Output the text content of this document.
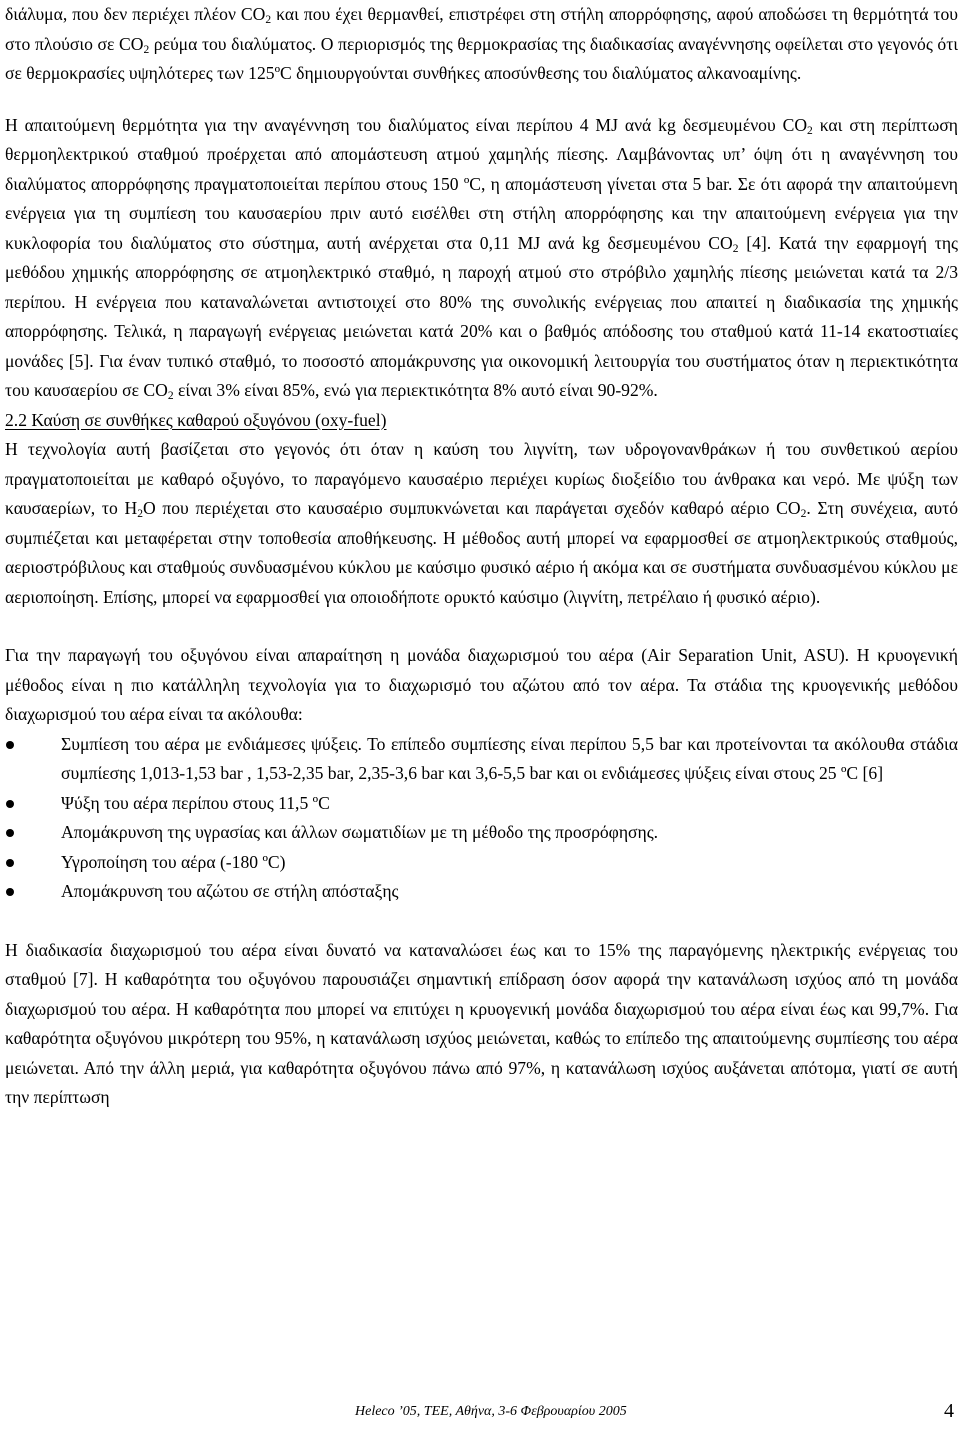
διάλυμα, που δεν περιέχει πλέον $CO_2$ και που έχει θερμανθεί, επιστρέφει στη στήλη απορρόφησης, αφού αποδώσει τη θερμότητά του στο πλούσιο σε $CO_2$ ρεύμα του διαλύματος. Ο περιορισμός της θερμοκρασίας της διαδικασίας αναγέννησης οφείλεται στο γεγονός ότι σε θερμοκρασίες υψηλότερες των 125ºC δημιουργούνται συνθήκες αποσύνθεσης του διαλύματος αλκανοαμίνης.

Η απαιτούμενη θερμότητα για την αναγέννηση του διαλύματος είναι περίπου 4 MJ ανά kg δεσμευμένου $CO_2$ και στη περίπτωση θερμοηλεκτρικού σταθμού προέρχεται από απομάστευση ατμού χαμηλής πίεσης. Λαμβάνοντας υπ’ όψη ότι η αναγέννηση του διαλύματος απορρόφησης πραγματοποιείται περίπου στους 150 ºC, η απομάστευση γίνεται στα 5 bar. Σε ότι αφορά την απαιτούμενη ενέργεια για τη συμπίεση του καυσαερίου πριν αυτό εισέλθει στη στήλη απορρόφησης και την απαιτούμενη ενέργεια για την κυκλοφορία του διαλύματος στο σύστημα, αυτή ανέρχεται στα 0,11 MJ ανά kg δεσμευμένου $CO_2$ [4]. Κατά την εφαρμογή της μεθόδου χημικής απορρόφησης σε ατμοηλεκτρικό σταθμό, η παροχή ατμού στο στρόβιλο χαμηλής πίεσης μειώνεται κατά τα 2/3 περίπου. Η ενέργεια που καταναλώνεται αντιστοιχεί στο 80% της συνολικής ενέργειας που απαιτεί η διαδικασία της χημικής απορρόφησης. Τελικά, η παραγωγή ενέργειας μειώνεται κατά 20% και ο βαθμός απόδοσης του σταθμού κατά 11-14 εκατοστιαίες μονάδες [5]. Για έναν τυπικό σταθμό, το ποσοστό απομάκρυνσης για οικονομική λειτουργία του συστήματος όταν η περιεκτικότητα του καυσαερίου σε $CO_2$ είναι 3% είναι 85%, ενώ για περιεκτικότητα 8% αυτό είναι 90-92%.

2.2 Καύση σε συνθήκες καθαρού οξυγόνου (oxy-fuel)

Η τεχνολογία αυτή βασίζεται στο γεγονός ότι όταν η καύση του λιγνίτη, των υδρογονανθράκων ή του συνθετικού αερίου πραγματοποιείται με καθαρό οξυγόνο, το παραγόμενο καυσαέριο περιέχει κυρίως διοξείδιο του άνθρακα και νερό. Με ψύξη των καυσαερίων, το $H_2O$ που περιέχεται στο καυσαέριο συμπυκνώνεται και παράγεται σχεδόν καθαρό αέριο $CO_2$. Στη συνέχεια, αυτό συμπιέζεται και μεταφέρεται στην τοποθεσία αποθήκευσης. Η μέθοδος αυτή μπορεί να εφαρμοσθεί σε ατμοηλεκτρικούς σταθμούς, αεριοστρόβιλους και σταθμούς συνδυασμένου κύκλου με καύσιμο φυσικό αέριο ή ακόμα και σε συστήματα συνδυασμένου κύκλου με αεριοποίηση. Επίσης, μπορεί να εφαρμοσθεί για οποιοδήποτε ορυκτό καύσιμο (λιγνίτη, πετρέλαιο ή φυσικό αέριο).

Για την παραγωγή του οξυγόνου είναι απαραίτηση η μονάδα διαχωρισμού του αέρα (Air Separation Unit, ASU). Η κρυογενική μέθοδος είναι η πιο κατάλληλη τεχνολογία για το διαχωρισμό του αζώτου από τον αέρα. Τα στάδια της κρυογενικής μεθόδου διαχωρισμού του αέρα είναι τα ακόλουθα:

Συμπίεση του αέρα με ενδιάμεσες ψύξεις. Το επίπεδο συμπίεσης είναι περίπου 5,5 bar και προτείνονται τα ακόλουθα στάδια συμπίεσης 1,013-1,53 bar , 1,53-2,35 bar, 2,35-3,6 bar και 3,6-5,5 bar και οι ενδιάμεσες ψύξεις είναι στους 25 ºC [6]
Ψύξη του αέρα περίπου στους 11,5 ºC
Απομάκρυνση της υγρασίας και άλλων σωματιδίων με τη μέθοδο της προσρόφησης.
Υγροποίηση του αέρα (-180 ºC)
Απομάκρυνση του αζώτου σε στήλη απόσταξης

Η διαδικασία διαχωρισμού του αέρα είναι δυνατό να καταναλώσει έως και το 15% της παραγόμενης ηλεκτρικής ενέργειας του σταθμού [7]. Η καθαρότητα του οξυγόνου παρουσιάζει σημαντική επίδραση όσον αφορά την κατανάλωση ισχύος από τη μονάδα διαχωρισμού του αέρα. Η καθαρότητα που μπορεί να επιτύχει η κρυογενική μονάδα διαχωρισμού του αέρα είναι έως και 99,7%. Για καθαρότητα οξυγόνου μικρότερη του 95%, η κατανάλωση ισχύος μειώνεται, καθώς το επίπεδο της απαιτούμενης συμπίεσης του αέρα μειώνεται. Από την άλλη μεριά, για καθαρότητα οξυγόνου πάνω από 97%, η κατανάλωση ισχύος αυξάνεται απότομα, γιατί σε αυτή την περίπτωση

Heleco ’05, ΤΕΕ, Αθήνα, 3-6 Φεβρουαρίου 2005	4
